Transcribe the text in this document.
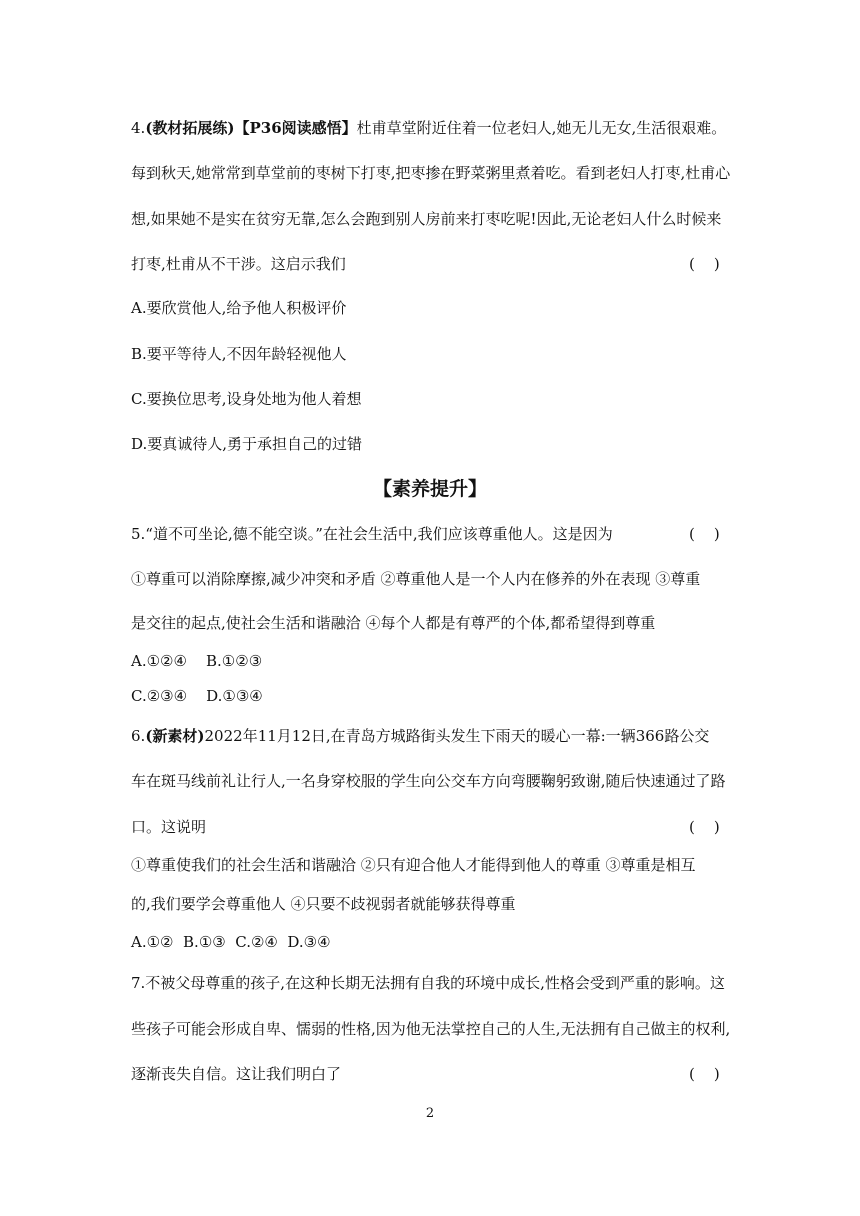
4.(教材拓展练)【P36阅读感悟】杜甫草堂附近住着一位老妇人,她无儿无女,生活很艰难。
每到秋天,她常常到草堂前的枣树下打枣,把枣掺在野菜粥里煮着吃。看到老妇人打枣,杜甫心
想,如果她不是实在贫穷无靠,怎么会跑到别人房前来打枣吃呢!因此,无论老妇人什么时候来
打枣,杜甫从不干涉。这启示我们	(    )
A.要欣赏他人,给予他人积极评价
B.要平等待人,不因年龄轻视他人
C.要换位思考,设身处地为他人着想
D.要真诚待人,勇于承担自己的过错
【素养提升】
5.“道不可坐论,德不能空谈。”在社会生活中,我们应该尊重他人。这是因为	(    )
①尊重可以消除摩擦,减少冲突和矛盾 ②尊重他人是一个人内在修养的外在表现 ③尊重
是交往的起点,使社会生活和谐融洽 ④每个人都是有尊严的个体,都希望得到尊重
A.①②④    B.①②③
C.②③④    D.①③④
6.(新素材)2022年11月12日,在青岛方城路街头发生下雨天的暖心一幕:一辆366路公交
车在斑马线前礼让行人,一名身穿校服的学生向公交车方向弯腰鞠躬致谢,随后快速通过了路
口。这说明	(    )
①尊重使我们的社会生活和谐融洽 ②只有迎合他人才能得到他人的尊重 ③尊重是相互
的,我们要学会尊重他人 ④只要不歧视弱者就能够获得尊重
A.①②  B.①③  C.②④  D.③④
7.不被父母尊重的孩子,在这种长期无法拥有自我的环境中成长,性格会受到严重的影响。这
些孩子可能会形成自卑、懦弱的性格,因为他无法掌控自己的人生,无法拥有自己做主的权利,
逐渐丧失自信。这让我们明白了	(    )
2
